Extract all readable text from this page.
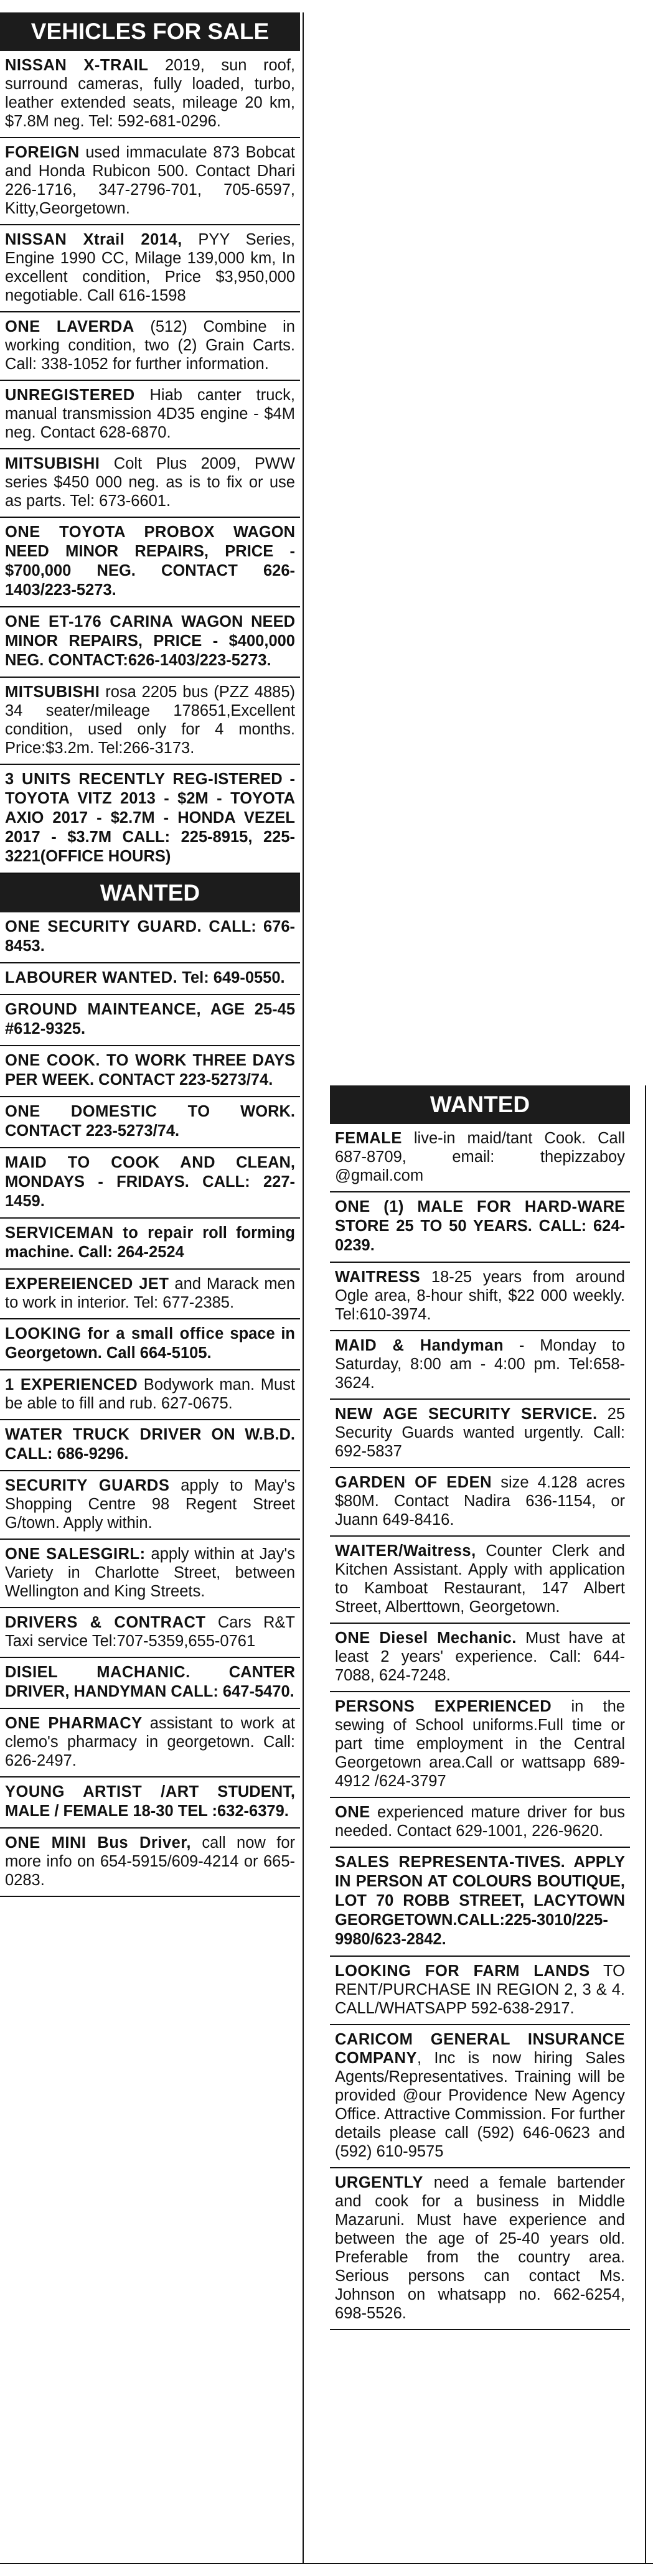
VEHICLES FOR SALE
NISSAN X-TRAIL 2019, sun roof, surround cameras, fully loaded, turbo, leather extended seats, mileage 20 km, $7.8M neg. Tel: 592-681-0296.
FOREIGN used immaculate 873 Bobcat and Honda Rubicon 500. Contact Dhari 226-1716, 347-2796-701, 705-6597, Kitty,Georgetown.
NISSAN Xtrail 2014, PYY Series, Engine 1990 CC, Milage 139,000 km, In excellent condition, Price $3,950,000 negotiable. Call 616-1598
ONE LAVERDA (512) Combine in working condition, two (2) Grain Carts. Call: 338-1052 for further information.
UNREGISTERED Hiab canter truck, manual transmission 4D35 engine - $4M neg. Contact 628-6870.
MITSUBISHI Colt Plus 2009, PWW series $450 000 neg. as is to fix or use as parts. Tel: 673-6601.
ONE TOYOTA PROBOX WAGON NEED MINOR REPAIRS, PRICE - $700,000 NEG. CONTACT 626-1403/223-5273.
ONE ET-176 CARINA WAGON NEED MINOR REPAIRS, PRICE - $400,000 NEG. CONTACT:626-1403/223-5273.
MITSUBISHI rosa 2205 bus (PZZ 4885) 34 seater/mileage 178651,Excellent condition, used only for 4 months. Price:$3.2m. Tel:266-3173.
3 UNITS RECENTLY REG-ISTERED - TOYOTA VITZ 2013 - $2M - TOYOTA AXIO 2017 - $2.7M - HONDA VEZEL 2017 - $3.7M CALL: 225-8915, 225-3221(OFFICE HOURS)
WANTED
ONE SECURITY GUARD. CALL: 676-8453.
LABOURER WANTED. Tel: 649-0550.
GROUND MAINTEANCE, AGE 25-45 #612-9325.
ONE COOK. TO WORK THREE DAYS PER WEEK. CONTACT 223-5273/74.
ONE DOMESTIC TO WORK. CONTACT 223-5273/74.
MAID TO COOK AND CLEAN, MONDAYS - FRIDAYS. CALL: 227-1459.
SERVICEMAN to repair roll forming machine. Call: 264-2524
EXPEREIENCED JET and Marack men to work in interior. Tel: 677-2385.
LOOKING for a small office space in Georgetown. Call 664-5105.
1 EXPERIENCED Bodywork man. Must be able to fill and rub. 627-0675.
WATER TRUCK DRIVER ON W.B.D. CALL: 686-9296.
SECURITY GUARDS apply to May's Shopping Centre 98 Regent Street G/town. Apply within.
ONE SALESGIRL: apply within at Jay's Variety in Charlotte Street, between Wellington and King Streets.
DRIVERS & CONTRACT Cars R&T Taxi service Tel:707-5359,655-0761
DISIEL MACHANIC. CANTER DRIVER, HANDYMAN CALL: 647-5470.
ONE PHARMACY assistant to work at clemo's pharmacy in georgetown. Call: 626-2497.
YOUNG ARTIST /ART STUDENT, MALE / FEMALE 18-30 TEL :632-6379.
ONE MINI Bus Driver, call now for more info on 654-5915/609-4214 or 665-0283.
WANTED
FEMALE live-in maid/tant Cook. Call 687-8709, email: thepizzaboy @gmail.com
ONE (1) MALE FOR HARD-WARE STORE 25 TO 50 YEARS. CALL: 624-0239.
WAITRESS 18-25 years from around Ogle area, 8-hour shift, $22 000 weekly. Tel:610-3974.
MAID & Handyman - Monday to Saturday, 8:00 am - 4:00 pm. Tel:658-3624.
NEW AGE SECURITY SERVICE. 25 Security Guards wanted urgently. Call: 692-5837
GARDEN OF EDEN size 4.128 acres $80M. Contact Nadira 636-1154, or Juann 649-8416.
WAITER/Waitress, Counter Clerk and Kitchen Assistant. Apply with application to Kamboat Restaurant, 147 Albert Street, Alberttown, Georgetown.
ONE Diesel Mechanic. Must have at least 2 years' experience. Call: 644-7088, 624-7248.
PERSONS EXPERIENCED in the sewing of School uniforms.Full time or part time employment in the Central Georgetown area.Call or wattsapp 689-4912 /624-3797
ONE experienced mature driver for bus needed. Contact 629-1001, 226-9620.
SALES REPRESENTA-TIVES. APPLY IN PERSON AT COLOURS BOUTIQUE, LOT 70 ROBB STREET, LACYTOWN GEORGETOWN.CALL:225-3010/225-9980/623-2842.
LOOKING FOR FARM LANDS TO RENT/PURCHASE IN REGION 2, 3 & 4. CALL/WHATSAPP 592-638-2917.
CARICOM GENERAL INSURANCE COMPANY, Inc is now hiring Sales Agents/Representatives. Training will be provided @our Providence New Agency Office. Attractive Commission. For further details please call (592) 646-0623 and (592) 610-9575
URGENTLY need a female bartender and cook for a business in Middle Mazaruni. Must have experience and between the age of 25-40 years old. Preferable from the country area. Serious persons can contact Ms. Johnson on whatsapp no. 662-6254, 698-5526.
